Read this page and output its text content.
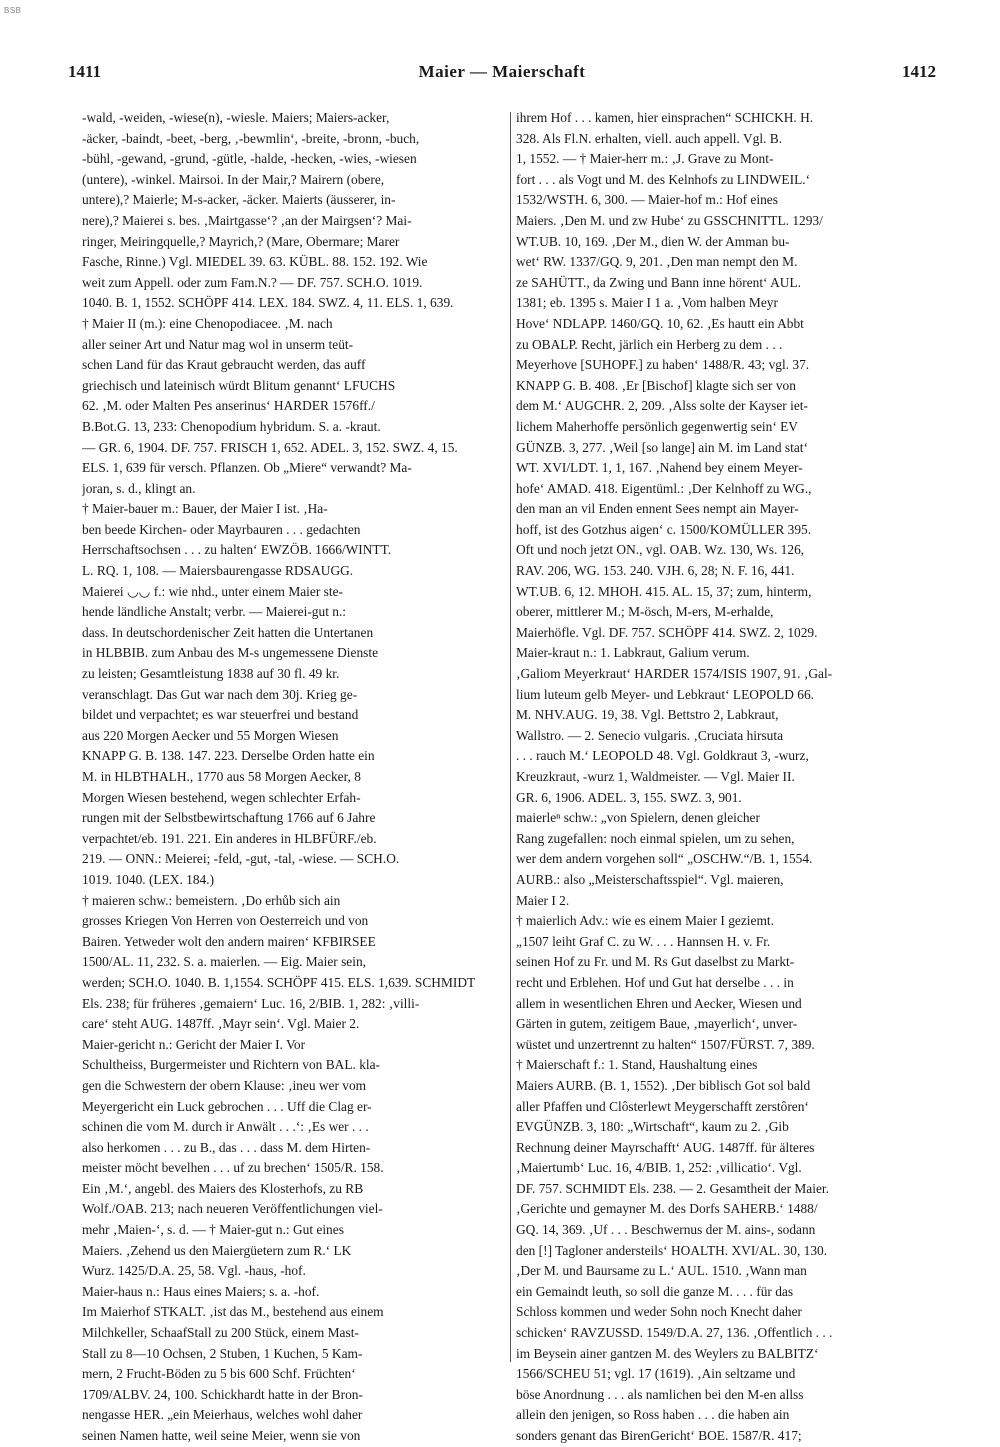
BSB
1411	Maier — Maierschaft	1412
-wald, -weiden, -wiese(n), -wiesle. Maiers; Maiers-acker,
-äcker, -baindt, -beet, -berg, ‚-bewmlin‘, -breite, -bronn, -buch,
-bühl, -gewand, -grund, -gütle, -halde, -hecken, -wies, -wiesen
(untere), -winkel. Mairsoi. In der Mair,? Mairern (obere,
untere),? Maierle; M-s-acker, -äcker. Maierts (äusserer, in-
nere),? Maierei s. bes. ‚Mairtgasse‘? ‚an der Mairgsen‘? Mai-
ringer, Meiringquelle,? Mayrich,? (Mare, Obermare; Marer
Fasche, Rinne.) Vgl. MIEDEL 39. 63. KÜBL. 88. 152. 192. Wie
weit zum Appell. oder zum Fam.N.? — DF. 757. SCH.O. 1019.
1040. B. 1, 1552. SCHÖPF 414. LEX. 184. SWZ. 4, 11. ELS. 1, 639.
† Maier II (m.): eine Chenopodiacee. ‚M. nach
aller seiner Art und Natur mag wol in unserm teüt-
schen Land für das Kraut gebraucht werden, das auff
griechisch und lateinisch würdt Blitum genannt‘ LFUCHS
62. ‚M. oder Malten Pes anserinus‘ HARDER 1576ff./
B.Bot.G. 13, 233: Chenopodium hybridum. S. a. -kraut.
— GR. 6, 1904. DF. 757. FRISCH 1, 652. ADEL. 3, 152. SWZ. 4, 15.
ELS. 1, 639 für versch. Pflanzen. Ob „Miere“ verwandt? Ma-
joran, s. d., klingt an.
† Maier-bauer m.: Bauer, der Maier I ist. ‚Ha-
ben beede Kirchen- oder Mayrbauren . . . gedachten
Herrschaftsochsen . . . zu halten‘ EWZÖB. 1666/WINTT.
L. RQ. 1, 108. — Maiersbaurengasse RDSAUGG.
Maierei ◡◡ f.: wie nhd., unter einem Maier ste-
hende ländliche Anstalt; verbr. — Maierei-gut n.:
dass. In deutschordenischer Zeit hatten die Untertanen
in HLBBIB. zum Anbau des M-s ungemessene Dienste
zu leisten; Gesamtleistung 1838 auf 30 fl. 49 kr.
veranschlagt. Das Gut war nach dem 30j. Krieg ge-
bildet und verpachtet; es war steuerfrei und bestand
aus 220 Morgen Aecker und 55 Morgen Wiesen
KNAPP G. B. 138. 147. 223. Derselbe Orden hatte ein
M. in HLBTHALH., 1770 aus 58 Morgen Aecker, 8
Morgen Wiesen bestehend, wegen schlechter Erfah-
rungen mit der Selbstbewirtschaftung 1766 auf 6 Jahre
verpachtet/eb. 191. 221. Ein anderes in HLBFÜRF./eb.
219. — ONN.: Meierei; -feld, -gut, -tal, -wiese. — SCH.O.
1019. 1040. (LEX. 184.)
† maieren schw.: bemeistern. ‚Do erhůb sich ain
grosses Kriegen Von Herren von Oesterreich und von
Bairen. Yetweder wolt den andern mairen‘ KFBIRSEE
1500/AL. 11, 232. S. a. maierlen. — Eig. Maier sein,
werden; SCH.O. 1040. B. 1,1554. SCHÖPF 415. ELS. 1,639. SCHMIDT
Els. 238; für früheres ‚gemaiern‘ Luc. 16, 2/BIB. 1, 282: ‚villi-
care‘ steht AUG. 1487ff. ‚Mayr sein‘. Vgl. Maier 2.
Maier-gericht n.: Gericht der Maier I. Vor
Schultheiss, Burgermeister und Richtern von BAL. kla-
gen die Schwestern der obern Klause: ‚ineu wer vom
Meyergericht ein Luck gebrochen . . . Uff die Clag er-
schinen die vom M. durch ir Anwält . . .‘: ‚Es wer . . .
also herkomen . . . zu B., das . . . dass M. dem Hirten-
meister möcht bevelhen . . . uf zu brechen‘ 1505/R. 158.
Ein ‚M.‘, angebl. des Maiers des Klosterhofs, zu RB
Wolf./OAB. 213; nach neueren Veröffentlichungen viel-
mehr ‚Maien-‘, s. d. — † Maier-gut n.: Gut eines
Maiers. ‚Zehend us den Maiergüetern zum R.‘ LK
Wurz. 1425/D.A. 25, 58. Vgl. -haus, -hof.
Maier-haus n.: Haus eines Maiers; s. a. -hof.
Im Maierhof STKALT. ‚ist das M., bestehend aus einem
Milchkeller, SchaafStall zu 200 Stück, einem Mast-
Stall zu 8—10 Ochsen, 2 Stuben, 1 Kuchen, 5 Kam-
mern, 2 Frucht-Böden zu 5 bis 600 Schf. Früchten‘
1709/ALBV. 24, 100. Schickhardt hatte in der Bron-
nengasse HER. „ein Meierhaus, welches wohl daher
seinen Namen hatte, weil seine Meier, wenn sie von
ihrem Hof . . . kamen, hier einsprachen“ SCHICKH. H.
328. Als Fl.N. erhalten, viell. auch appell. Vgl. B.
1, 1552. — † Maier-herr m.: ‚J. Grave zu Mont-
fort . . . als Vogt und M. des Kelnhofs zu LINDWEIL.‘
1532/WSTH. 6, 300. — Maier-hof m.: Hof eines
Maiers. ‚Den M. und zw Hube‘ zu GSSCHNITTL. 1293/
WT.UB. 10, 169. ‚Der M., dien W. der Amman bu-
wet‘ RW. 1337/GQ. 9, 201. ‚Den man nempt den M.
ze SAHÜTT., da Zwing und Bann inne hörent‘ AUL.
1381; eb. 1395 s. Maier I 1 a. ‚Vom halben Meyr
Hove‘ NDLAPP. 1460/GQ. 10, 62. ‚Es hautt ein Abbt
zu OBALP. Recht, järlich ein Herberg zu dem . . .
Meyerhove [SUHOPF.] zu haben‘ 1488/R. 43; vgl. 37.
KNAPP G. B. 408. ‚Er [Bischof] klagte sich ser von
dem M.‘ AUGCHR. 2, 209. ‚Alss solte der Kayser iet-
lichem Maherhoffe persönlich gegenwertig sein‘ EV
GÜNZB. 3, 277. ‚Weil [so lange] ain M. im Land stat‘
WT. XVI/LDT. 1, 1, 167. ‚Nahend bey einem Meyer-
hofe‘ AMAD. 418. Eigentüml.: ‚Der Kelnhoff zu WG.,
den man an vil Enden ennent Sees nempt ain Mayer-
hoff, ist des Gotzhus aigen‘ c. 1500/KOMÜLLER 395.
Oft und noch jetzt ON., vgl. OAB. Wz. 130, Ws. 126,
RAV. 206, WG. 153. 240. VJH. 6, 28; N. F. 16, 441.
WT.UB. 6, 12. MHOH. 415. AL. 15, 37; zum, hinterm,
oberer, mittlerer M.; M-ösch, M-ers, M-erhalde,
Maierhöfle. Vgl. DF. 757. SCHÖPF 414. SWZ. 2, 1029.
Maier-kraut n.: 1. Labkraut, Galium verum.
‚Galiom Meyerkraut‘ HARDER 1574/ISIS 1907, 91. ‚Gal-
lium luteum gelb Meyer- und Lebkraut‘ LEOPOLD 66.
M. NHV.AUG. 19, 38. Vgl. Bettstro 2, Labkraut,
Wallstro. — 2. Senecio vulgaris. ‚Cruciata hirsuta
. . . rauch M.‘ LEOPOLD 48. Vgl. Goldkraut 3, -wurz,
Kreuzkraut, -wurz 1, Waldmeister. — Vgl. Maier II.
GR. 6, 1906. ADEL. 3, 155. SWZ. 3, 901.
maierleⁿ schw.: „von Spielern, denen gleicher
Rang zugefallen: noch einmal spielen, um zu sehen,
wer dem andern vorgehen soll“ „OSCHW.“/B. 1, 1554.
AURB.: also „Meisterschaftsspiel“. Vgl. maieren,
Maier I 2.
† maierlich Adv.: wie es einem Maier I geziemt.
„1507 leiht Graf C. zu W. . . . Hannsen H. v. Fr.
seinen Hof zu Fr. und M. Rs Gut daselbst zu Markt-
recht und Erblehen. Hof und Gut hat derselbe . . . in
allem in wesentlichen Ehren und Aecker, Wiesen und
Gärten in gutem, zeitigem Baue, ‚mayerlich‘, unver-
wüstet und unzertrennt zu halten“ 1507/FÜRST. 7, 389.
† Maierschaft f.: 1. Stand, Haushaltung eines
Maiers AURB. (B. 1, 1552). ‚Der biblisch Got sol bald
aller Pfaffen und Clôsterlewt Meygerschafft zerstôren‘
EVGÜNZB. 3, 180: „Wirtschaft“, kaum zu 2. ‚Gib
Rechnung deiner Mayrschafft‘ AUG. 1487ff. für älteres
‚Maiertumb‘ Luc. 16, 4/BIB. 1, 252: ‚villicatio‘. Vgl.
DF. 757. SCHMIDT Els. 238. — 2. Gesamtheit der Maier.
‚Gerichte und gemayner M. des Dorfs SAHERB.‘ 1488/
GQ. 14, 369. ‚Uf . . . Beschwernus der M. ains-, sodann
den [!] Tagloner andersteils‘ HOALTH. XVI/AL. 30, 130.
‚Der M. und Baursame zu L.‘ AUL. 1510. ‚Wann man
ein Gemaindt leuth, so soll die ganze M. . . . für das
Schloss kommen und weder Sohn noch Knecht daher
schicken‘ RAVZUSSD. 1549/D.A. 27, 136. ‚Offentlich . . .
im Beysein ainer gantzen M. des Weylers zu BALBITZ‘
1566/SCHEU 51; vgl. 17 (1619). ‚Ain seltzame und
böse Anordnung . . . als namlichen bei den M-en allss
allein den jenigen, so Ross haben . . . die haben ain
sonders genant das BirenGericht‘ BOE. 1587/R. 417;
